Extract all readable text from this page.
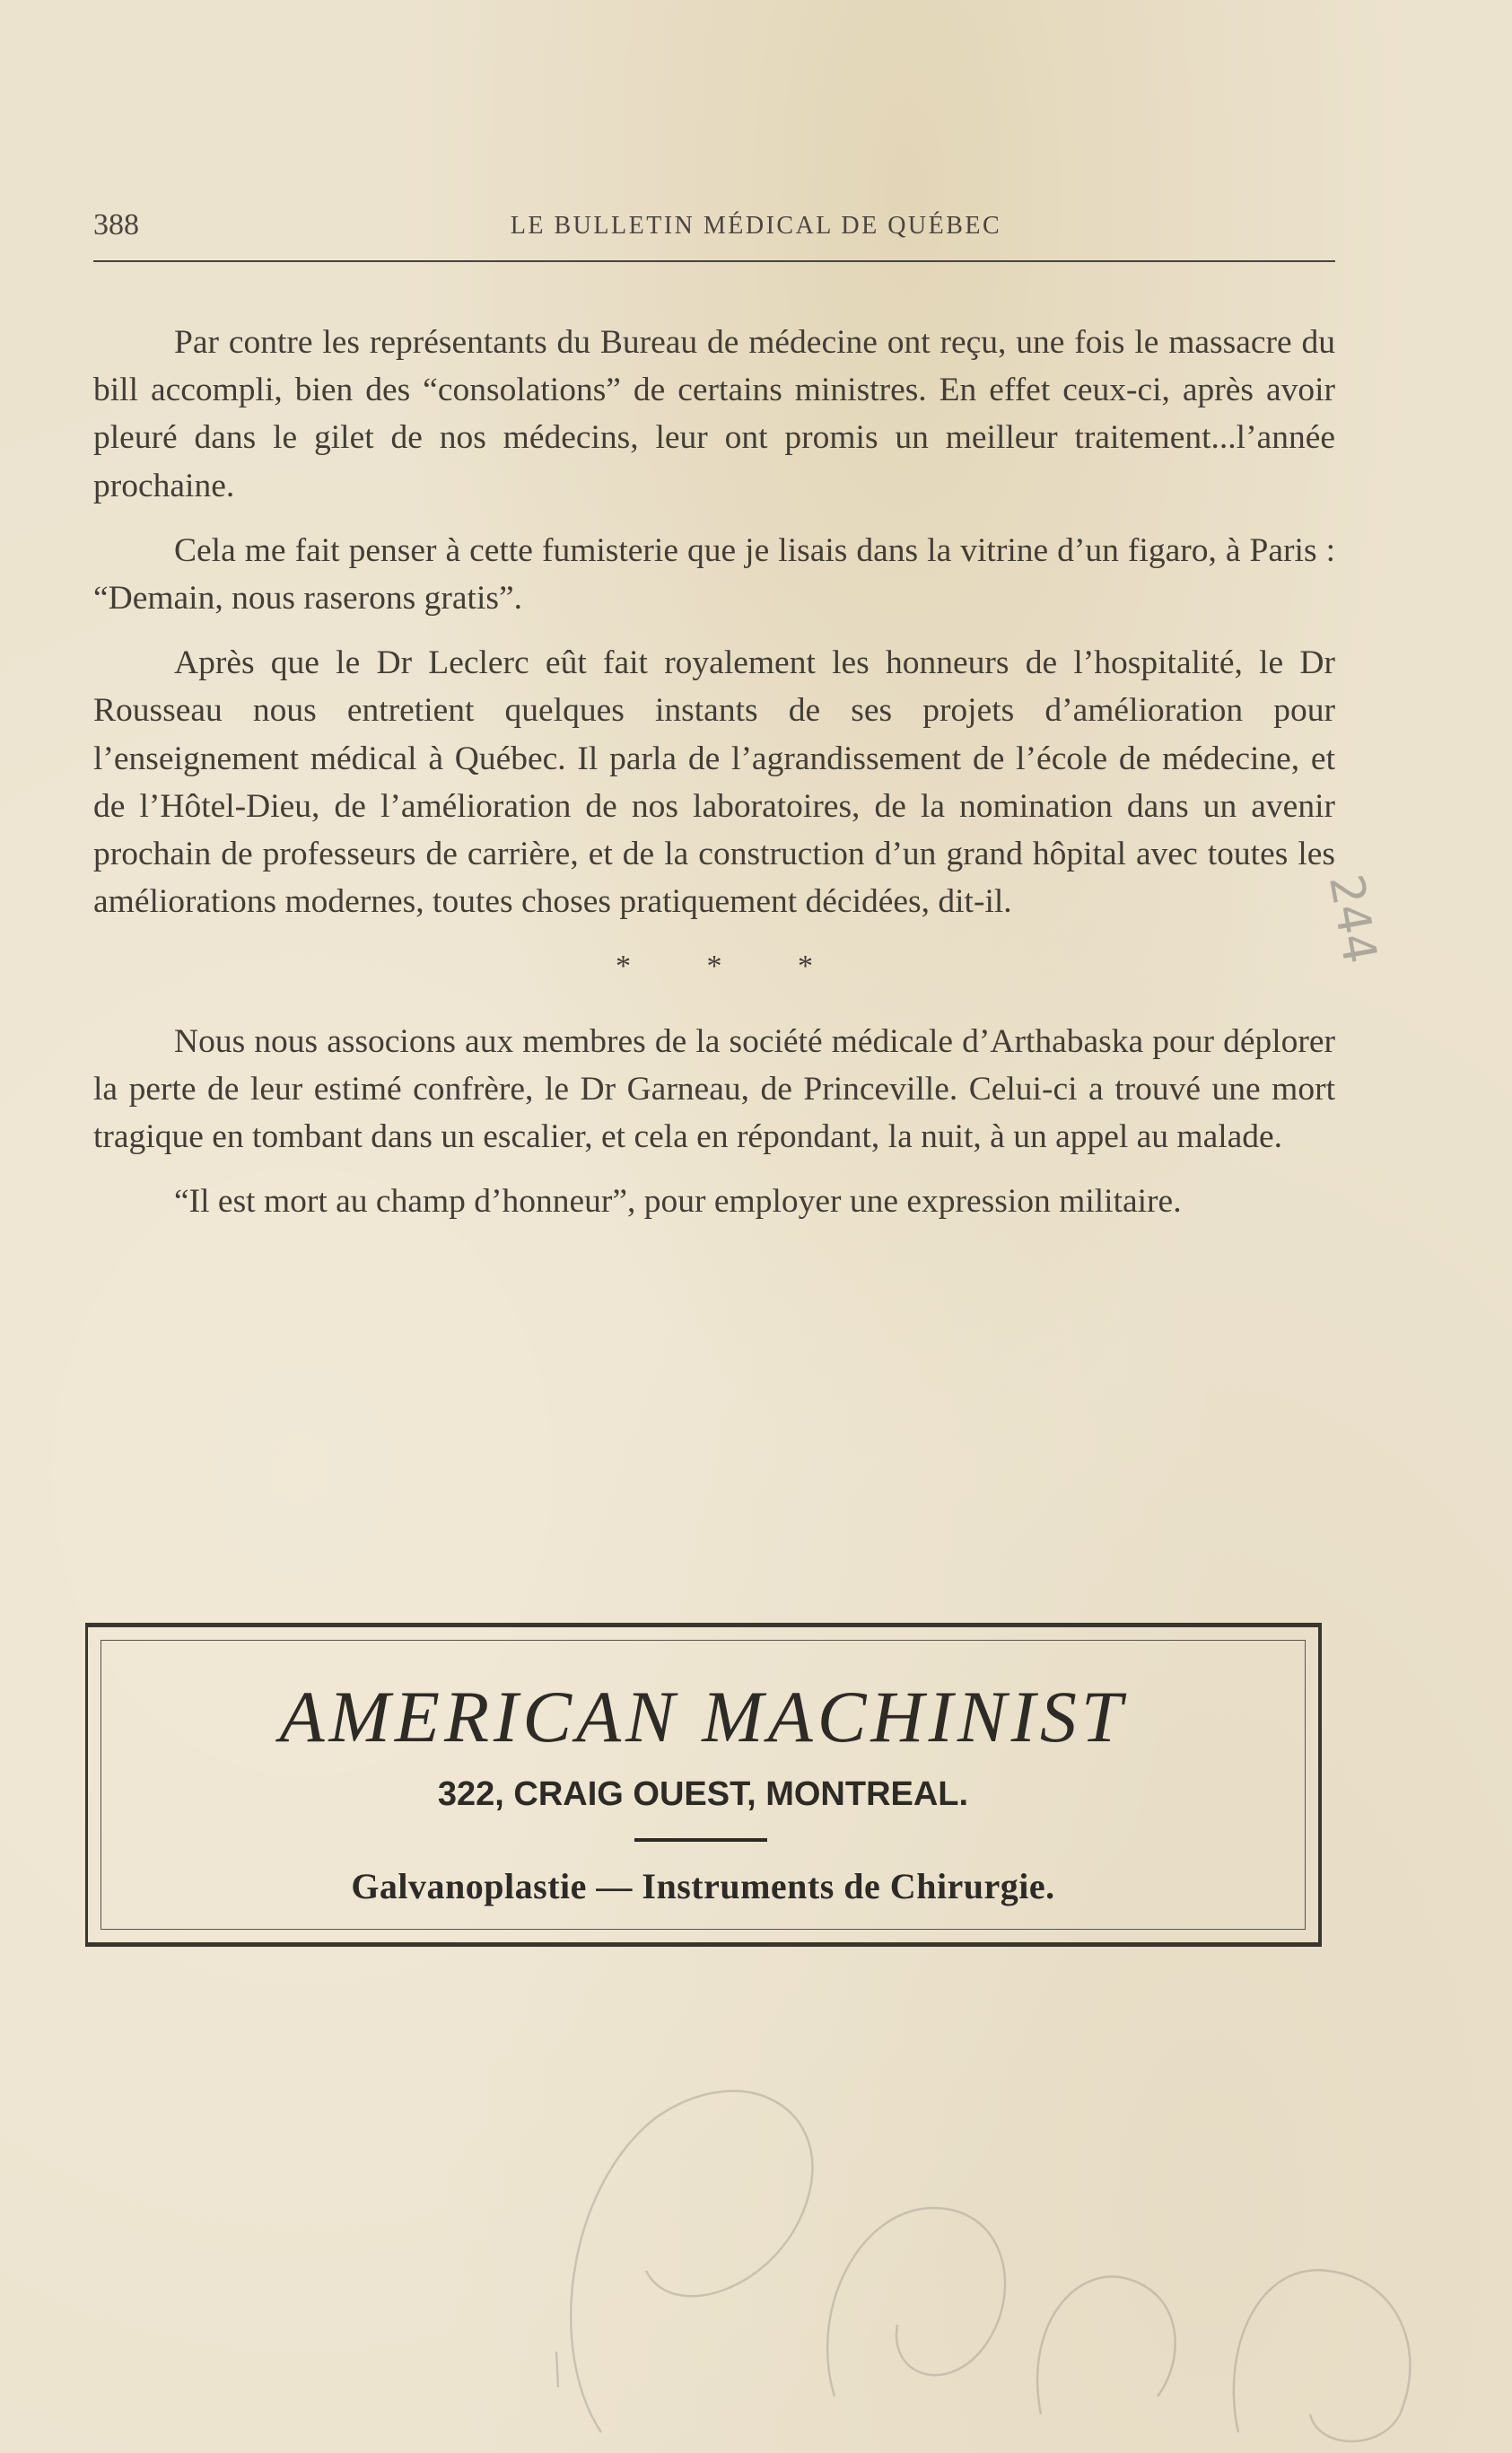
388	LE BULLETIN MÉDICAL DE QUÉBEC

Par contre les représentants du Bureau de médecine ont reçu, une fois le massacre du bill accompli, bien des “consolations” de certains ministres. En effet ceux-ci, après avoir pleuré dans le gilet de nos médecins, leur ont promis un meilleur traitement...l’année prochaine.

Cela me fait penser à cette fumisterie que je lisais dans la vitrine d’un figaro, à Paris : “Demain, nous raserons gratis”.

Après que le Dr Leclerc eût fait royalement les honneurs de l’hospitalité, le Dr Rousseau nous entretient quelques instants de ses projets d’amélioration pour l’enseignement médical à Québec. Il parla de l’agrandissement de l’école de médecine, et de l’Hôtel-Dieu, de l’amélioration de nos laboratoires, de la nomination dans un avenir prochain de professeurs de carrière, et de la construction d’un grand hôpital avec toutes les améliorations modernes, toutes choses pratiquement décidées, dit-il.

* * *

Nous nous associons aux membres de la société médicale d’Arthabaska pour déplorer la perte de leur estimé confrère, le Dr Garneau, de Princeville. Celui-ci a trouvé une mort tragique en tombant dans un escalier, et cela en répondant, la nuit, à un appel au malade.

“Il est mort au champ d’honneur”, pour employer une expression militaire.

244
AMERICAN MACHINIST
322, CRAIG OUEST, MONTREAL.
Galvanoplastie — Instruments de Chirurgie.
